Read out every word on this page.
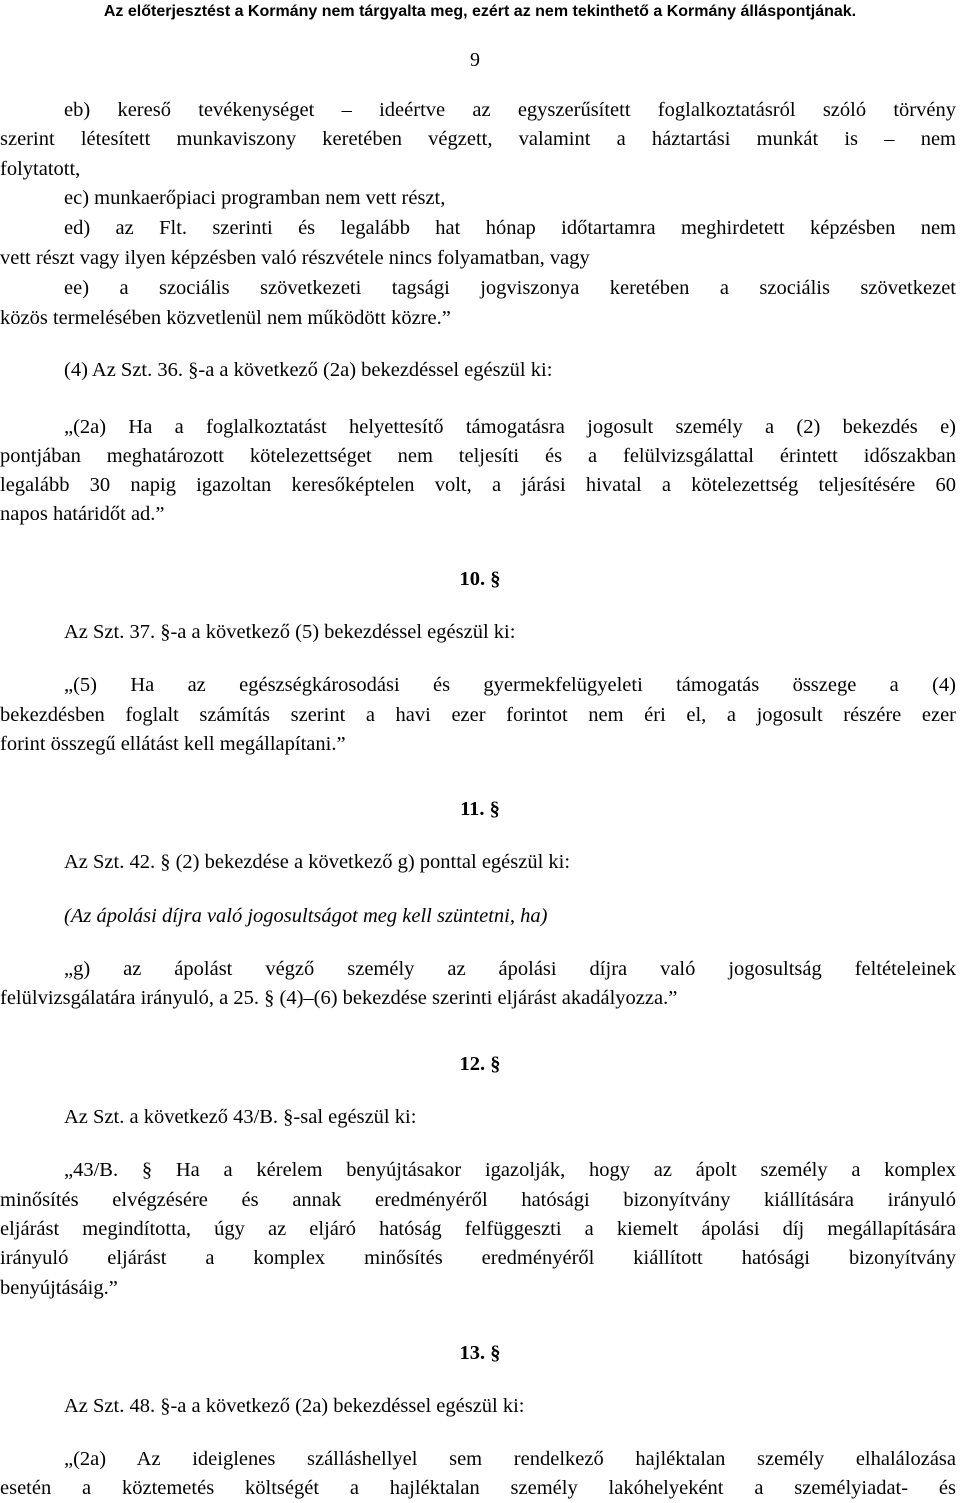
Az előterjesztést a Kormány nem tárgyalta meg, ezért az nem tekinthető a Kormány álláspontjának.
9
eb) kereső tevékenységet – ideértve az egyszerűsített foglalkoztatásról szóló törvény
szerint létesített munkaviszony keretében végzett, valamint a háztartási munkát is – nem
folytatott,
ec) munkaerőpiaci programban nem vett részt,
ed) az Flt. szerinti és legalább hat hónap időtartamra meghirdetett képzésben nem
vett részt vagy ilyen képzésben való részvétele nincs folyamatban, vagy
ee) a szociális szövetkezeti tagsági jogviszonya keretében a szociális szövetkezet
közös termelésében közvetlenül nem működött közre.”
(4) Az Szt. 36. §-a a következő (2a) bekezdéssel egészül ki:
„(2a) Ha a foglalkoztatást helyettesítő támogatásra jogosult személy a (2) bekezdés e)
pontjában meghatározott kötelezettséget nem teljesíti és a felülvizsgálattal érintett időszakban
legalább 30 napig igazoltan keresőképtelen volt, a járási hivatal a kötelezettség teljesítésére 60
napos határidőt ad.”
10. §
Az Szt. 37. §-a a következő (5) bekezdéssel egészül ki:
„(5) Ha az egészségkárosodási és gyermekfelügyeleti támogatás összege a (4)
bekezdésben foglalt számítás szerint a havi ezer forintot nem éri el, a jogosult részére ezer
forint összegű ellátást kell megállapítani.”
11. §
Az Szt. 42. § (2) bekezdése a következő g) ponttal egészül ki:
(Az ápolási díjra való jogosultságot meg kell szüntetni, ha)
„g) az ápolást végző személy az ápolási díjra való jogosultság feltételeinek
felülvizsgálatára irányuló, a 25. § (4)–(6) bekezdése szerinti eljárást akadályozza.”
12. §
Az Szt. a következő 43/B. §-sal egészül ki:
„43/B. § Ha a kérelem benyújtásakor igazolják, hogy az ápolt személy a komplex
minősítés elvégzésére és annak eredményéről hatósági bizonyítvány kiállítására irányuló
eljárást megindította, úgy az eljáró hatóság felfüggeszti a kiemelt ápolási díj megállapítására
irányuló eljárást a komplex minősítés eredményéről kiállított hatósági bizonyítvány
benyújtásáig.”
13. §
Az Szt. 48. §-a a következő (2a) bekezdéssel egészül ki:
„(2a) Az ideiglenes szálláshellyel sem rendelkező hajléktalan személy elhalálozása
esetén a köztemetés költségét a hajléktalan személy lakóhelyeként a személyiadat- és
